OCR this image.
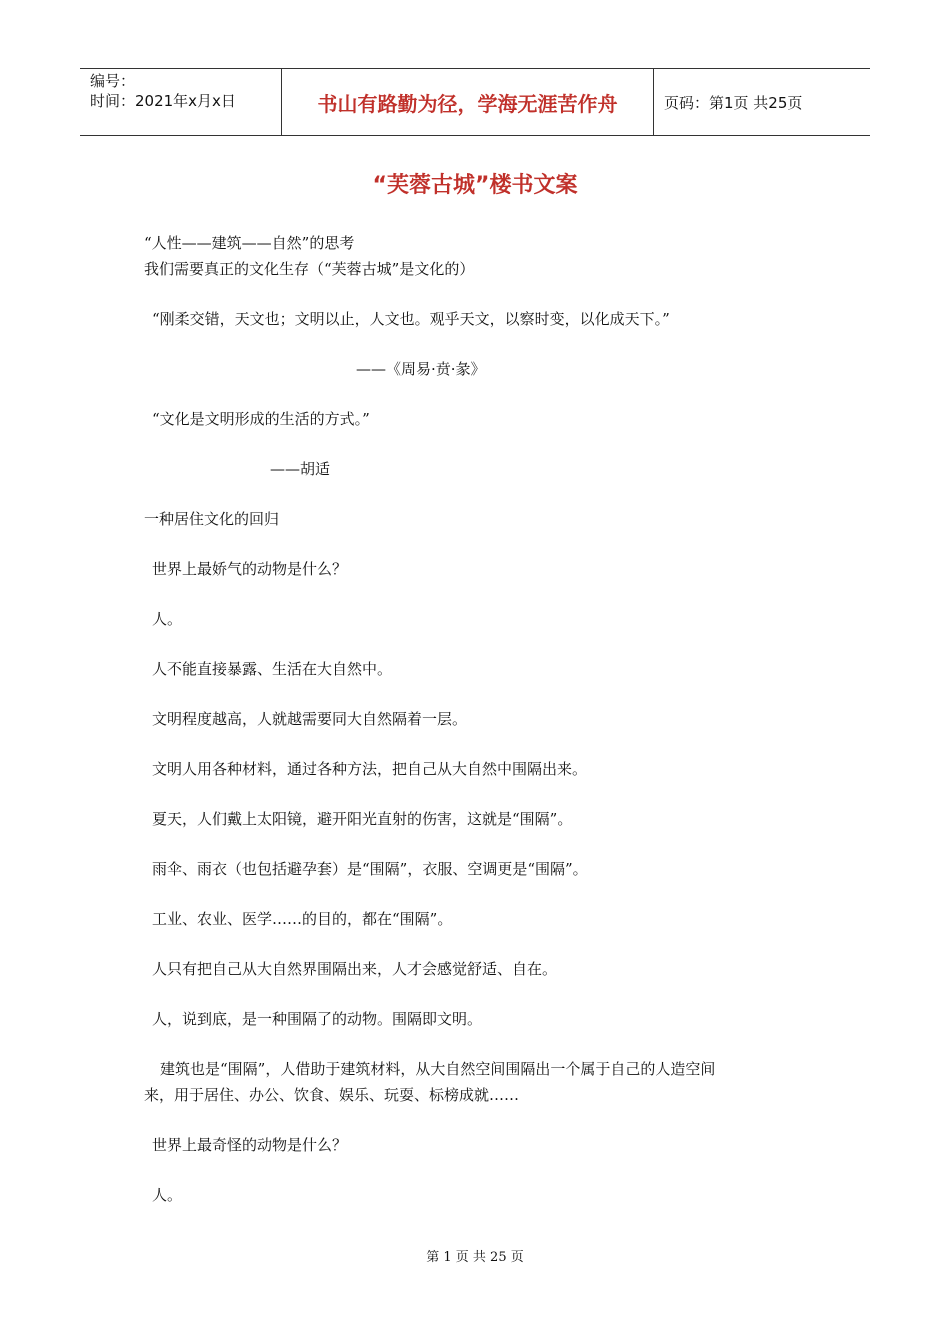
编号：
时间：2021年x月x日	书山有路勤为径，学海无涯苦作舟	页码：第1页 共25页
“芙蓉古城”楼书文案
“人性——建筑——自然”的思考
我们需要真正的文化生存（“芙蓉古城”是文化的）
“刚柔交错，天文也；文明以止，人文也。观乎天文，以察时变，以化成天下。”
——《周易·贲·彖》
“文化是文明形成的生活的方式。”
——胡适
一种居住文化的回归
世界上最娇气的动物是什么？
人。
人不能直接暴露、生活在大自然中。
文明程度越高，人就越需要同大自然隔着一层。
文明人用各种材料，通过各种方法，把自己从大自然中围隔出来。
夏天，人们戴上太阳镜，避开阳光直射的伤害，这就是“围隔”。
雨伞、雨衣（也包括避孕套）是“围隔”，衣服、空调更是“围隔”。
工业、农业、医学……的目的，都在“围隔”。
人只有把自己从大自然界围隔出来，人才会感觉舒适、自在。
人，说到底，是一种围隔了的动物。围隔即文明。
建筑也是“围隔”，人借助于建筑材料，从大自然空间围隔出一个属于自己的人造空间
来，用于居住、办公、饮食、娱乐、玩耍、标榜成就……
世界上最奇怪的动物是什么？
人。
第 1 页 共 25 页
